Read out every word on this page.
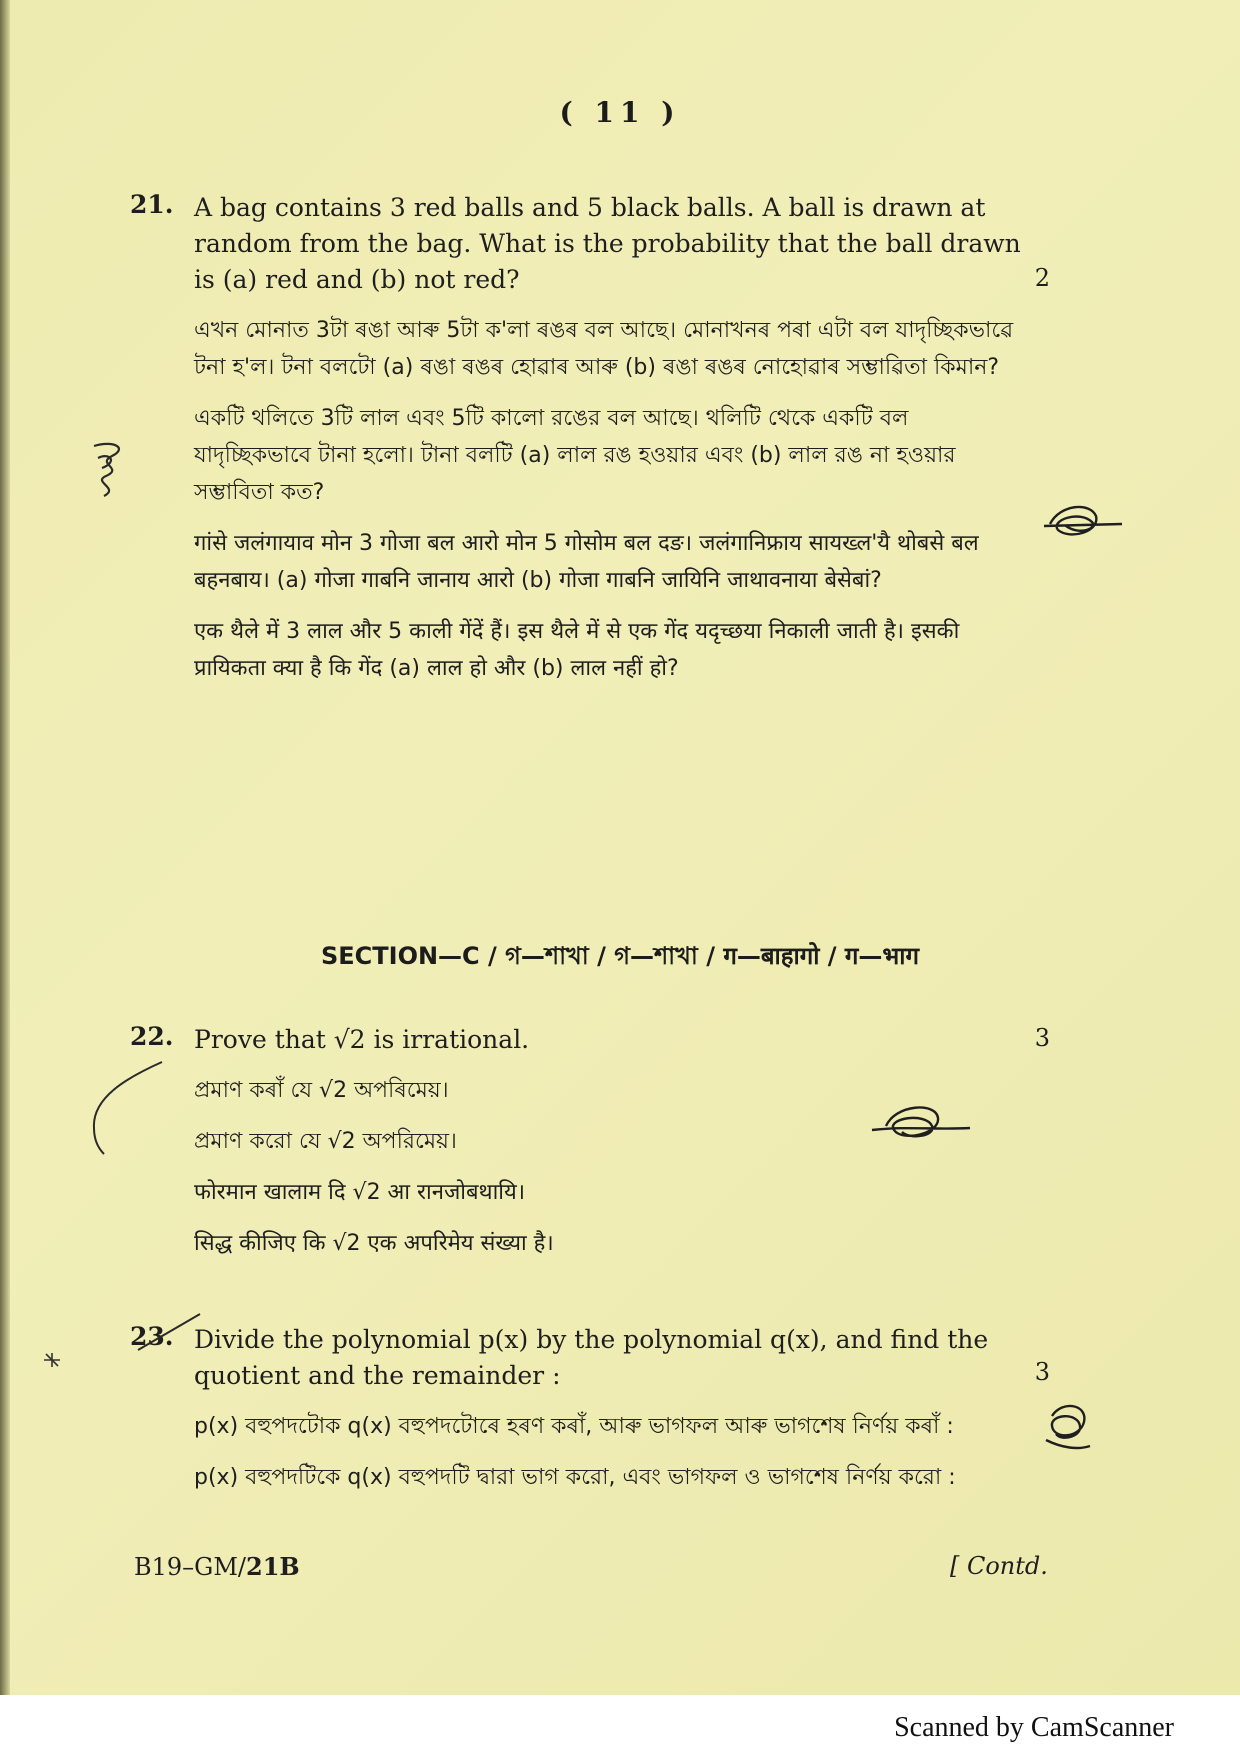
( 11 )
21. A bag contains 3 red balls and 5 black balls. A ball is drawn at random from the bag. What is the probability that the ball drawn is (a) red and (b) not red?
এখন মোনাত 3টা ৰঙা আৰু 5টা ক'লা ৰঙৰ বল আছে। মোনাখনৰ পৰা এটা বল যাদৃচ্ছিকভাৱে টনা হ'ল। টনা বলটো (a) ৰঙা ৰঙৰ হোৱাৰ আৰু (b) ৰঙা ৰঙৰ নোহোৱাৰ সম্ভাৱিতা কিমান?
একটি থলিতে 3টি লাল এবং 5টি কালো রঙের বল আছে। থলিটি থেকে একটি বল যাদৃচ্ছিকভাবে টানা হলো। টানা বলটি (a) লাল রঙ হওয়ার এবং (b) লাল রঙ না হওয়ার সম্ভাবিতা কত?
गांसे जलंगायाव मोन 3 गोजा बल आरो मोन 5 गोसोम बल दङ। जलंगानिफ्राय सायख्ल'यै थोबसे बल बहनबाय। (a) गोजा गाबनि जानाय आरो (b) गोजा गाबनि जायिनि जाथावनाया बेसेबां?
एक थैले में 3 लाल और 5 काली गेंदें हैं। इस थैले में से एक गेंद यदृच्छया निकाली जाती है। इसकी प्रायिकता क्या है कि गेंद (a) लाल हो और (b) लाल नहीं हो?
2
SECTION—C / গ—শাখা / গ—শাখা / ग—बाहागो / ग—भाग
22. Prove that √2 is irrational.
প্ৰমাণ কৰাঁ যে √2 অপৰিমেয়।
প্রমাণ করো যে √2 অপরিমেয়।
फोरमान खालाम दि √2 आ रानजोबथायि।
सिद्ध कीजिए कि √2 एक अपरिमेय संख्या है।
3
23. Divide the polynomial p(x) by the polynomial q(x), and find the quotient and the remainder :
p(x) বহুপদটোক q(x) বহুপদটোৰে হৰণ কৰাঁ, আৰু ভাগফল আৰু ভাগশেষ নিৰ্ণয় কৰাঁ :
p(x) বহুপদটিকে q(x) বহুপদটি দ্বারা ভাগ করো, এবং ভাগফল ও ভাগশেষ নির্ণয় করো :
3
B19–GM/21B	[ Contd.
Scanned by CamScanner
